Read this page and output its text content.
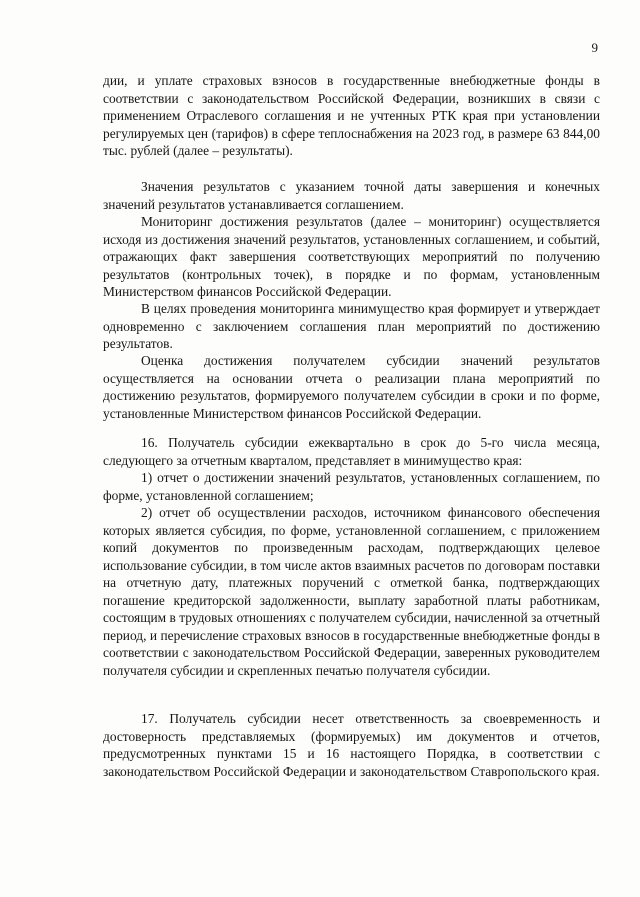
9

дии, и уплате страховых взносов в государственные внебюджетные фонды в соответствии с законодательством Российской Федерации, возникших в связи с применением Отраслевого соглашения и не учтенных РТК края при установлении регулируемых цен (тарифов) в сфере теплоснабжения на 2023 год, в размере 63 844,00 тыс. рублей (далее – результаты).

Значения результатов с указанием точной даты завершения и конечных значений результатов устанавливается соглашением.

Мониторинг достижения результатов (далее – мониторинг) осуществляется исходя из достижения значений результатов, установленных соглашением, и событий, отражающих факт завершения соответствующих мероприятий по получению результатов (контрольных точек), в порядке и по формам, установленным Министерством финансов Российской Федерации.

В целях проведения мониторинга минимущество края формирует и утверждает одновременно с заключением соглашения план мероприятий по достижению результатов.

Оценка достижения получателем субсидии значений результатов осуществляется на основании отчета о реализации плана мероприятий по достижению результатов, формируемого получателем субсидии в сроки и по форме, установленные Министерством финансов Российской Федерации.

16. Получатель субсидии ежеквартально в срок до 5-го числа месяца, следующего за отчетным кварталом, представляет в минимущество края:

1) отчет о достижении значений результатов, установленных соглашением, по форме, установленной соглашением;

2) отчет об осуществлении расходов, источником финансового обеспечения которых является субсидия, по форме, установленной соглашением, с приложением копий документов по произведенным расходам, подтверждающих целевое использование субсидии, в том числе актов взаимных расчетов по договорам поставки на отчетную дату, платежных поручений с отметкой банка, подтверждающих погашение кредиторской задолженности, выплату заработной платы работникам, состоящим в трудовых отношениях с получателем субсидии, начисленной за отчетный период, и перечисление страховых взносов в государственные внебюджетные фонды в соответствии с законодательством Российской Федерации, заверенных руководителем получателя субсидии и скрепленных печатью получателя субсидии.

17. Получатель субсидии несет ответственность за своевременность и достоверность представляемых (формируемых) им документов и отчетов, предусмотренных пунктами 15 и 16 настоящего Порядка, в соответствии с законодательством Российской Федерации и законодательством Ставропольского края.
